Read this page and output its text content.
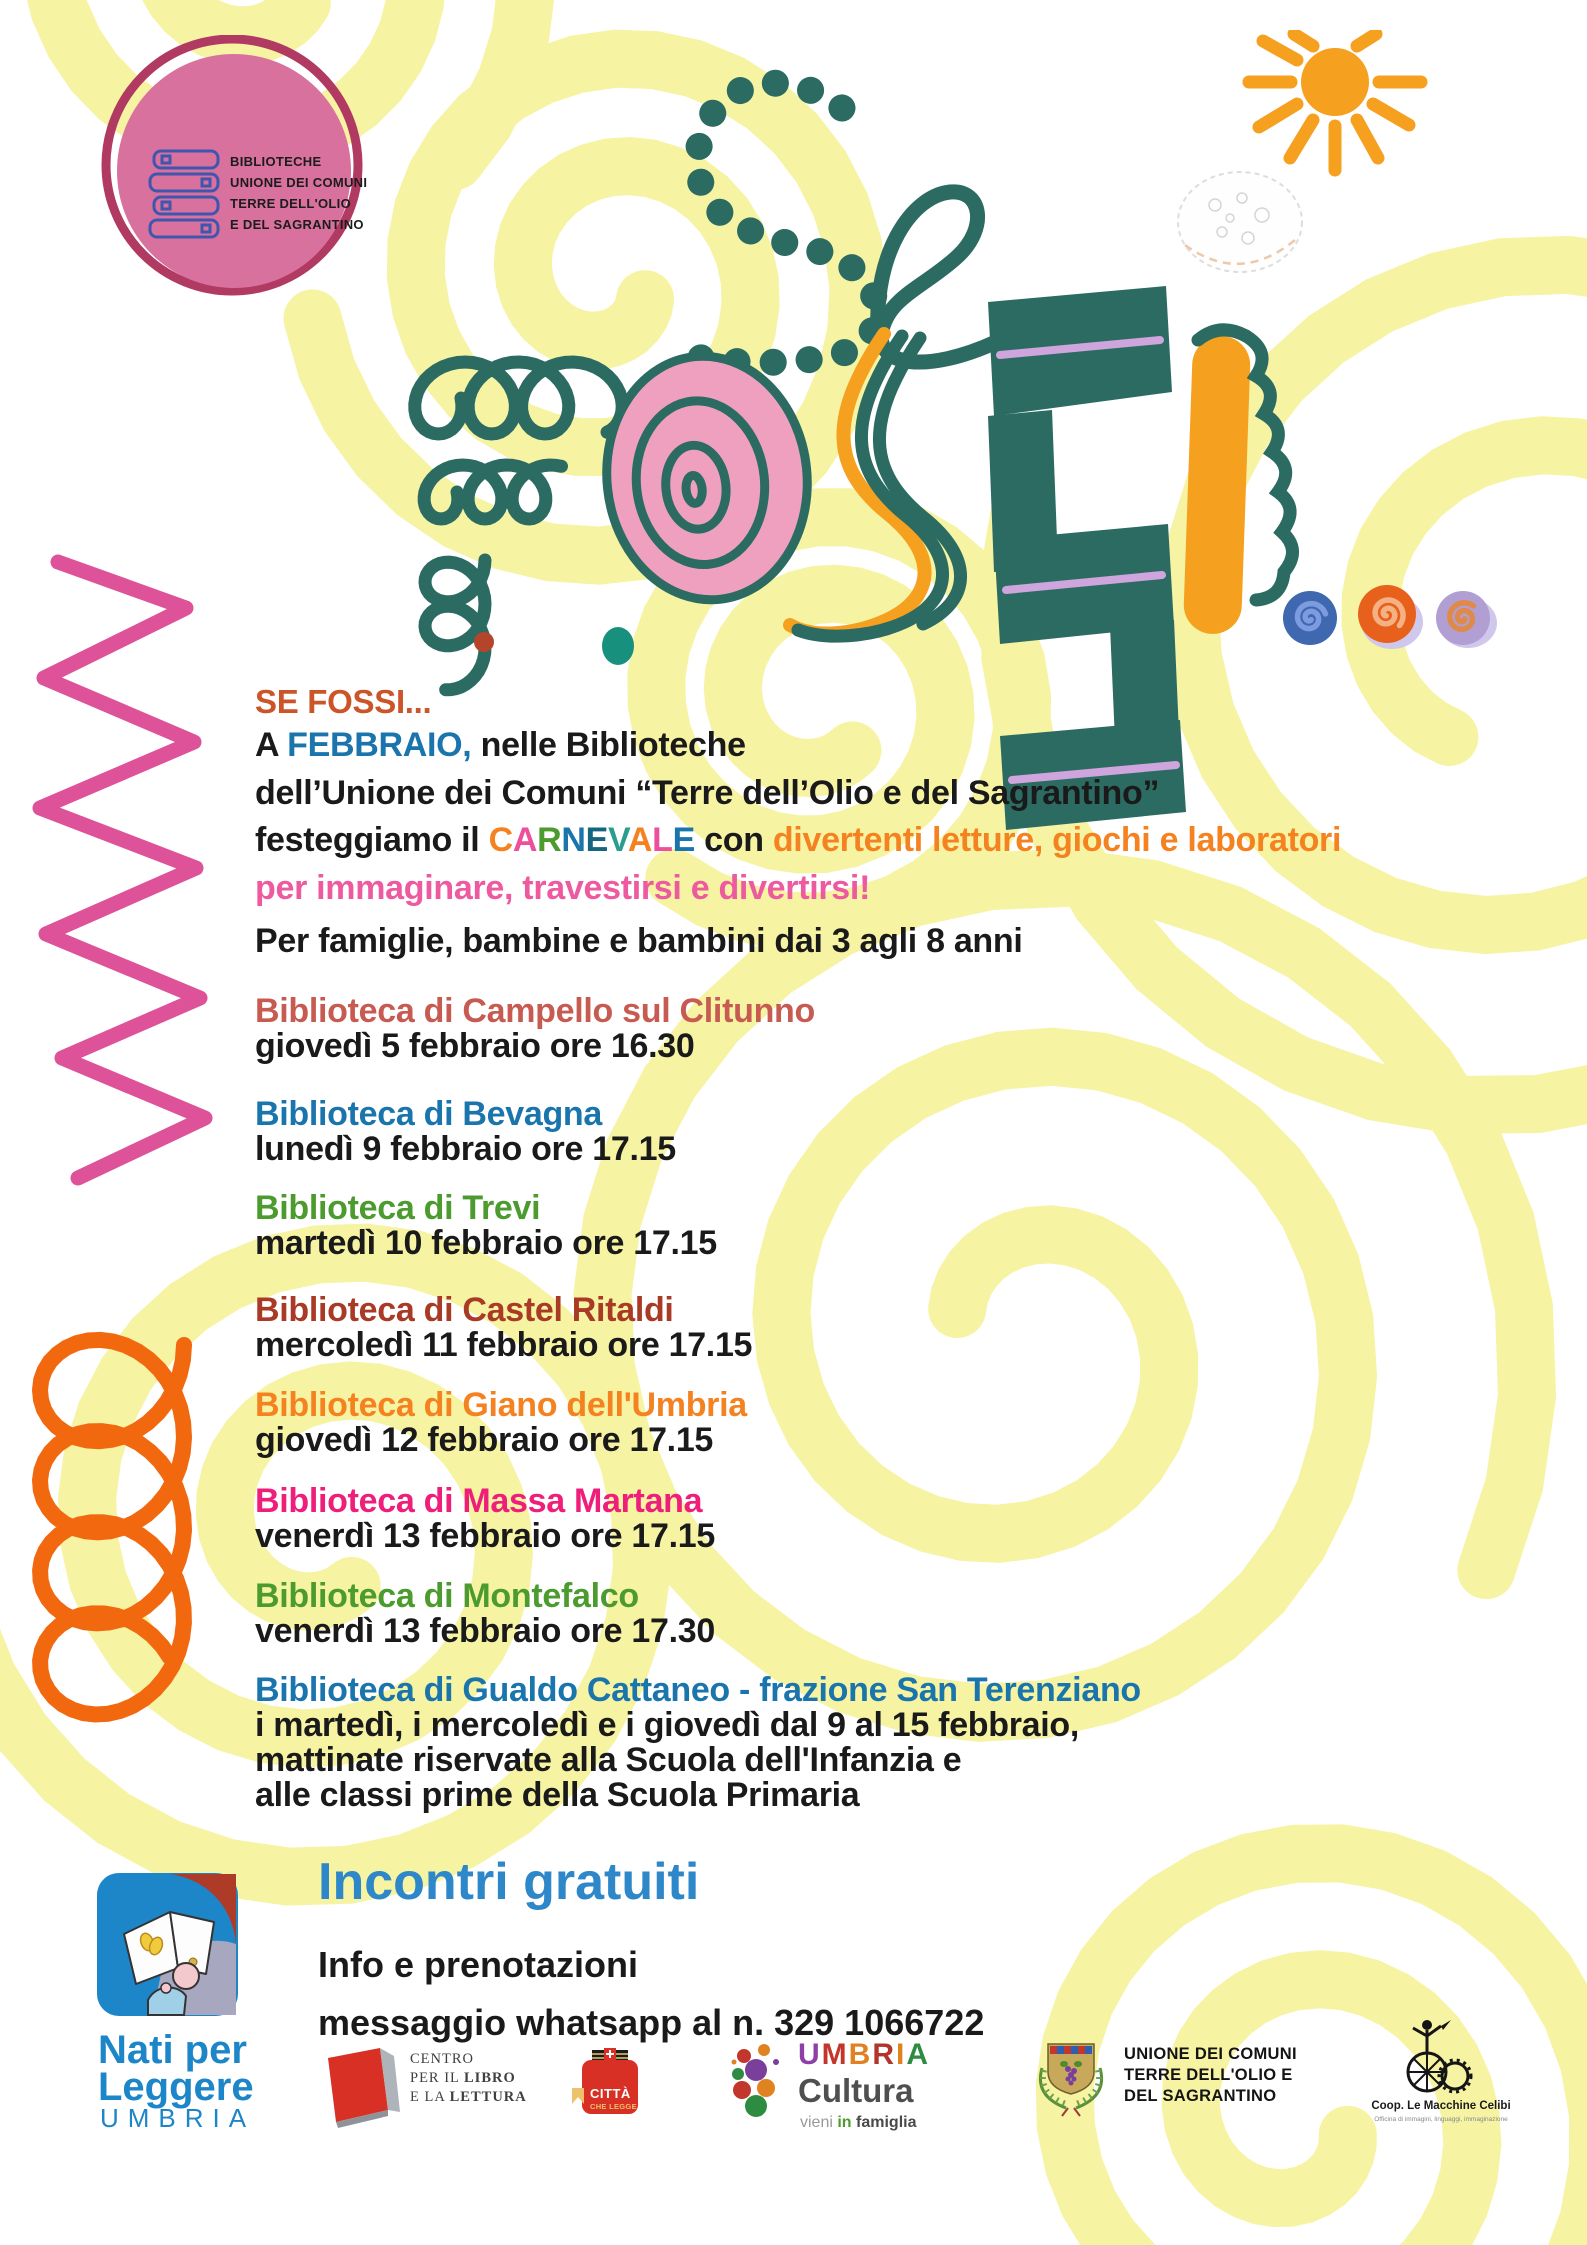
BIBLIOTECHE
UNIONE DEI COMUNI
TERRE DELL'OLIO
E DEL SAGRANTINO
SE FOSSI...
A FEBBRAIO, nelle Biblioteche
dell’Unione dei Comuni “Terre dell’Olio e del Sagrantino”
festeggiamo il CARNEVALE con divertenti letture, giochi e laboratori
per immaginare, travestirsi e divertirsi!
Per famiglie, bambine e bambini dai 3 agli 8 anni
Biblioteca di Campello sul Clitunno
giovedì 5 febbraio ore 16.30
Biblioteca di Bevagna
lunedì 9 febbraio ore 17.15
Biblioteca di Trevi
martedì 10 febbraio ore 17.15
Biblioteca di Castel Ritaldi
mercoledì 11 febbraio ore 17.15
Biblioteca di Giano dell'Umbria
giovedì 12 febbraio ore 17.15
Biblioteca di Massa Martana
venerdì 13 febbraio ore 17.15
Biblioteca di Montefalco
venerdì 13 febbraio ore 17.30
Biblioteca di Gualdo Cattaneo - frazione San Terenziano
i martedì, i mercoledì e i giovedì dal 9 al 15 febbraio,
mattinate riservate alla Scuola dell'Infanzia e
alle classi prime della Scuola Primaria
Incontri gratuiti
Info e prenotazioni
messaggio whatsapp al n. 329 1066722
Nati per
Leggere
UMBRIA
CENTRO
PER IL LIBRO
E LA LETTURA	CITTÀ
CHE LEGGE
UMBRIA
Cultura
vieni in famiglia
UNIONE DEI COMUNI
TERRE DELL'OLIO E
DEL SAGRANTINO
Coop. Le Macchine Celibi
Officina di immagini, linguaggi, immaginazione
